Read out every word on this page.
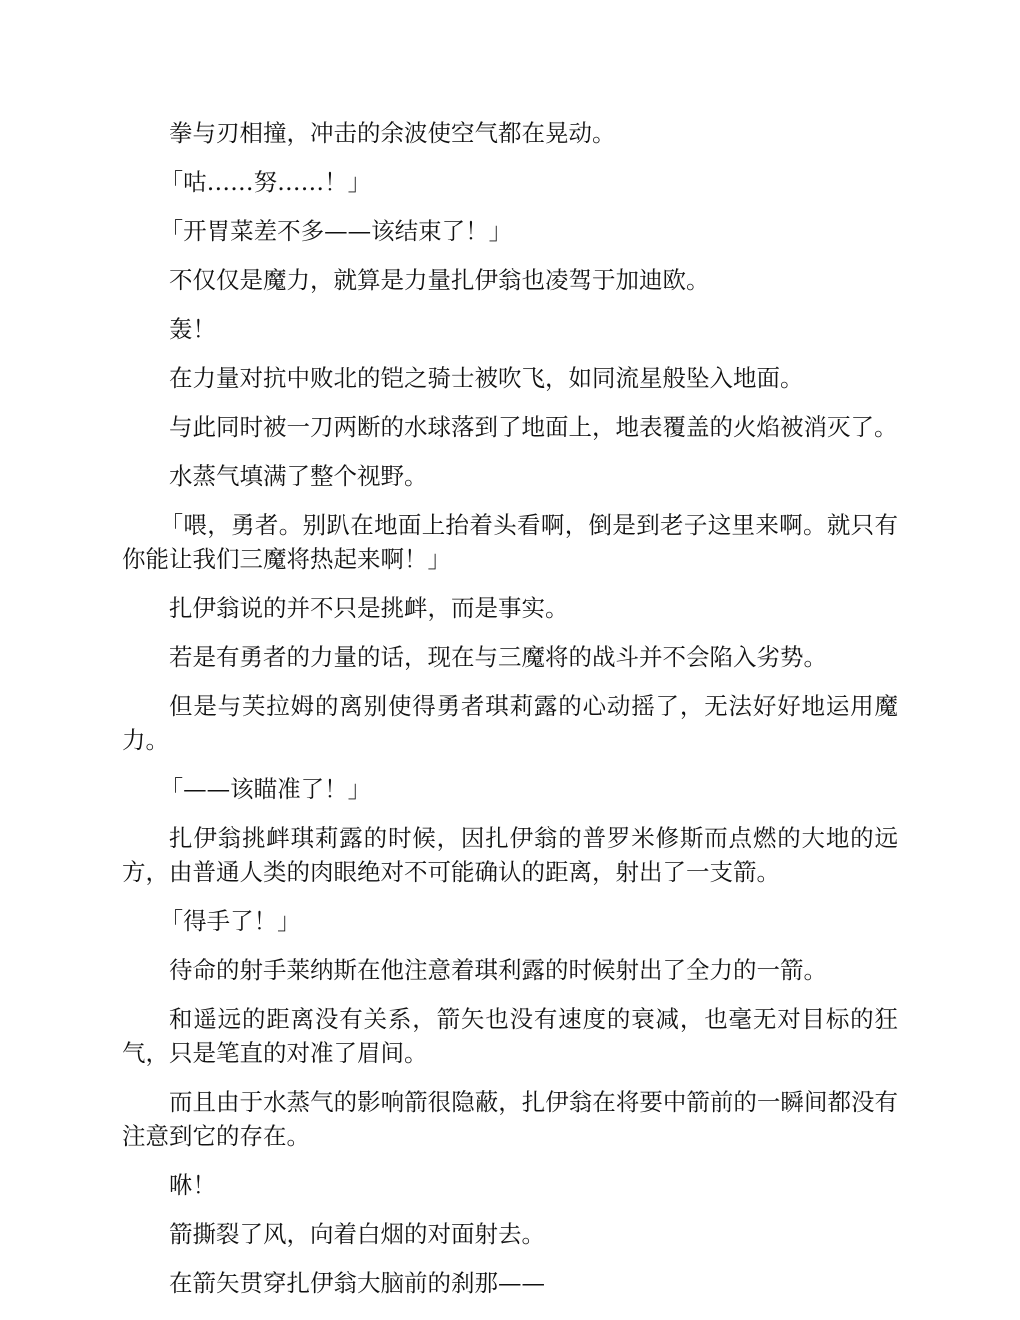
拳与刃相撞，冲击的余波使空气都在晃动。

「咕……努……！」

「开胃菜差不多——该结束了！」

不仅仅是魔力，就算是力量扎伊翁也凌驾于加迪欧。

轰！

在力量对抗中败北的铠之骑士被吹飞，如同流星般坠入地面。

与此同时被一刀两断的水球落到了地面上，地表覆盖的火焰被消灭了。

水蒸气填满了整个视野。

「喂，勇者。别趴在地面上抬着头看啊，倒是到老子这里来啊。就只有你能让我们三魔将热起来啊！」

扎伊翁说的并不只是挑衅，而是事实。

若是有勇者的力量的话，现在与三魔将的战斗并不会陷入劣势。

但是与芙拉姆的离别使得勇者琪莉露的心动摇了，无法好好地运用魔力。

「——该瞄准了！」

扎伊翁挑衅琪莉露的时候，因扎伊翁的普罗米修斯而点燃的大地的远方，由普通人类的肉眼绝对不可能确认的距离，射出了一支箭。

「得手了！」

待命的射手莱纳斯在他注意着琪利露的时候射出了全力的一箭。

和遥远的距离没有关系，箭矢也没有速度的衰减，也毫无对目标的狂气，只是笔直的对准了眉间。

而且由于水蒸气的影响箭很隐蔽，扎伊翁在将要中箭前的一瞬间都没有注意到它的存在。

咻！

箭撕裂了风，向着白烟的对面射去。

在箭矢贯穿扎伊翁大脑前的刹那——
